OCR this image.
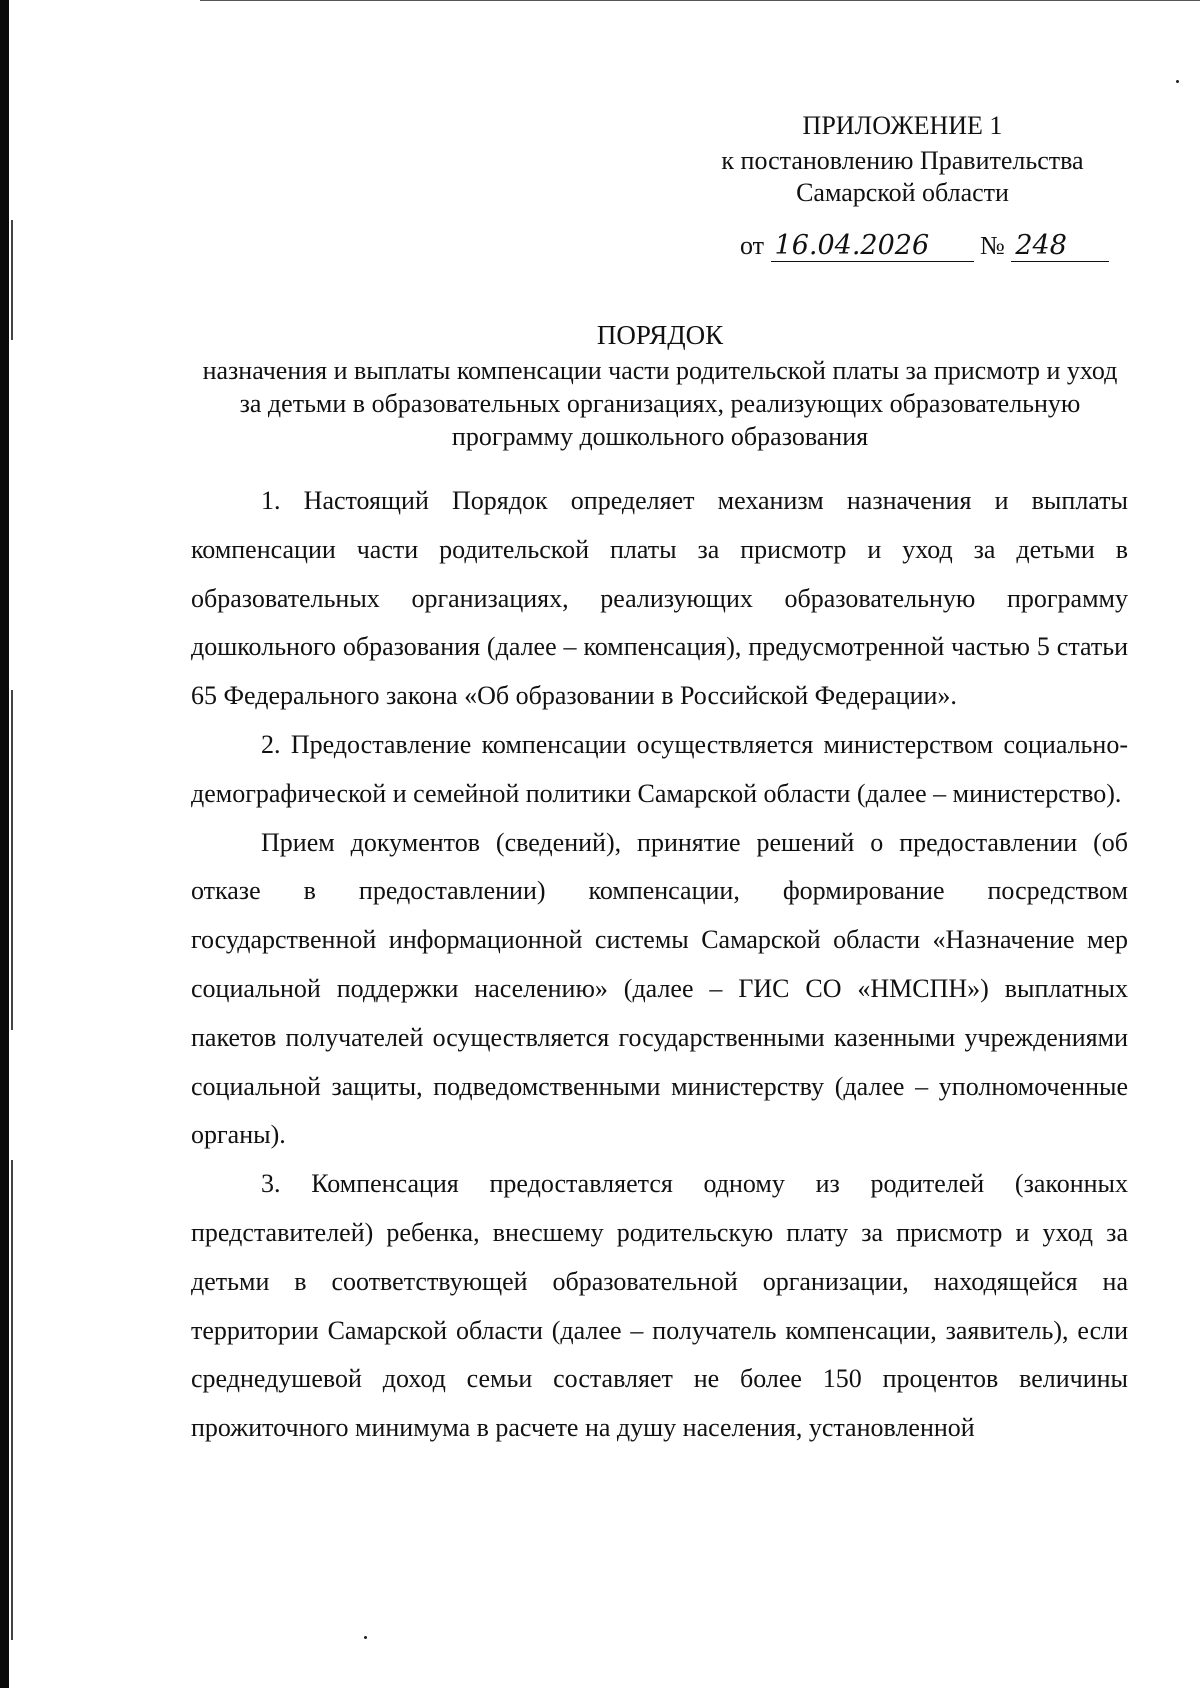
ПРИЛОЖЕНИЕ 1
к постановлению Правительства
Самарской области
от 16.04.2026 № 248
ПОРЯДОК
назначения и выплаты компенсации части родительской платы за присмотр и уход за детьми в образовательных организациях, реализующих образовательную программу дошкольного образования

1. Настоящий Порядок определяет механизм назначения и выплаты компенсации части родительской платы за присмотр и уход за детьми в образовательных организациях, реализующих образовательную программу дошкольного образования (далее – компенсация), предусмотренной частью 5 статьи 65 Федерального закона «Об образовании в Российской Федерации».

2. Предоставление компенсации осуществляется министерством социально-демографической и семейной политики Самарской области (далее – министерство).

Прием документов (сведений), принятие решений о предоставлении (об отказе в предоставлении) компенсации, формирование посредством государственной информационной системы Самарской области «Назначение мер социальной поддержки населению» (далее – ГИС СО «НМСПН») выплатных пакетов получателей осуществляется государственными казенными учреждениями социальной защиты, подведомственными министерству (далее – уполномоченные органы).

3. Компенсация предоставляется одному из родителей (законных представителей) ребенка, внесшему родительскую плату за присмотр и уход за детьми в соответствующей образовательной организации, находящейся на территории Самарской области (далее – получатель компенсации, заявитель), если среднедушевой доход семьи составляет не более 150 процентов величины прожиточного минимума в расчете на душу населения, установленной
